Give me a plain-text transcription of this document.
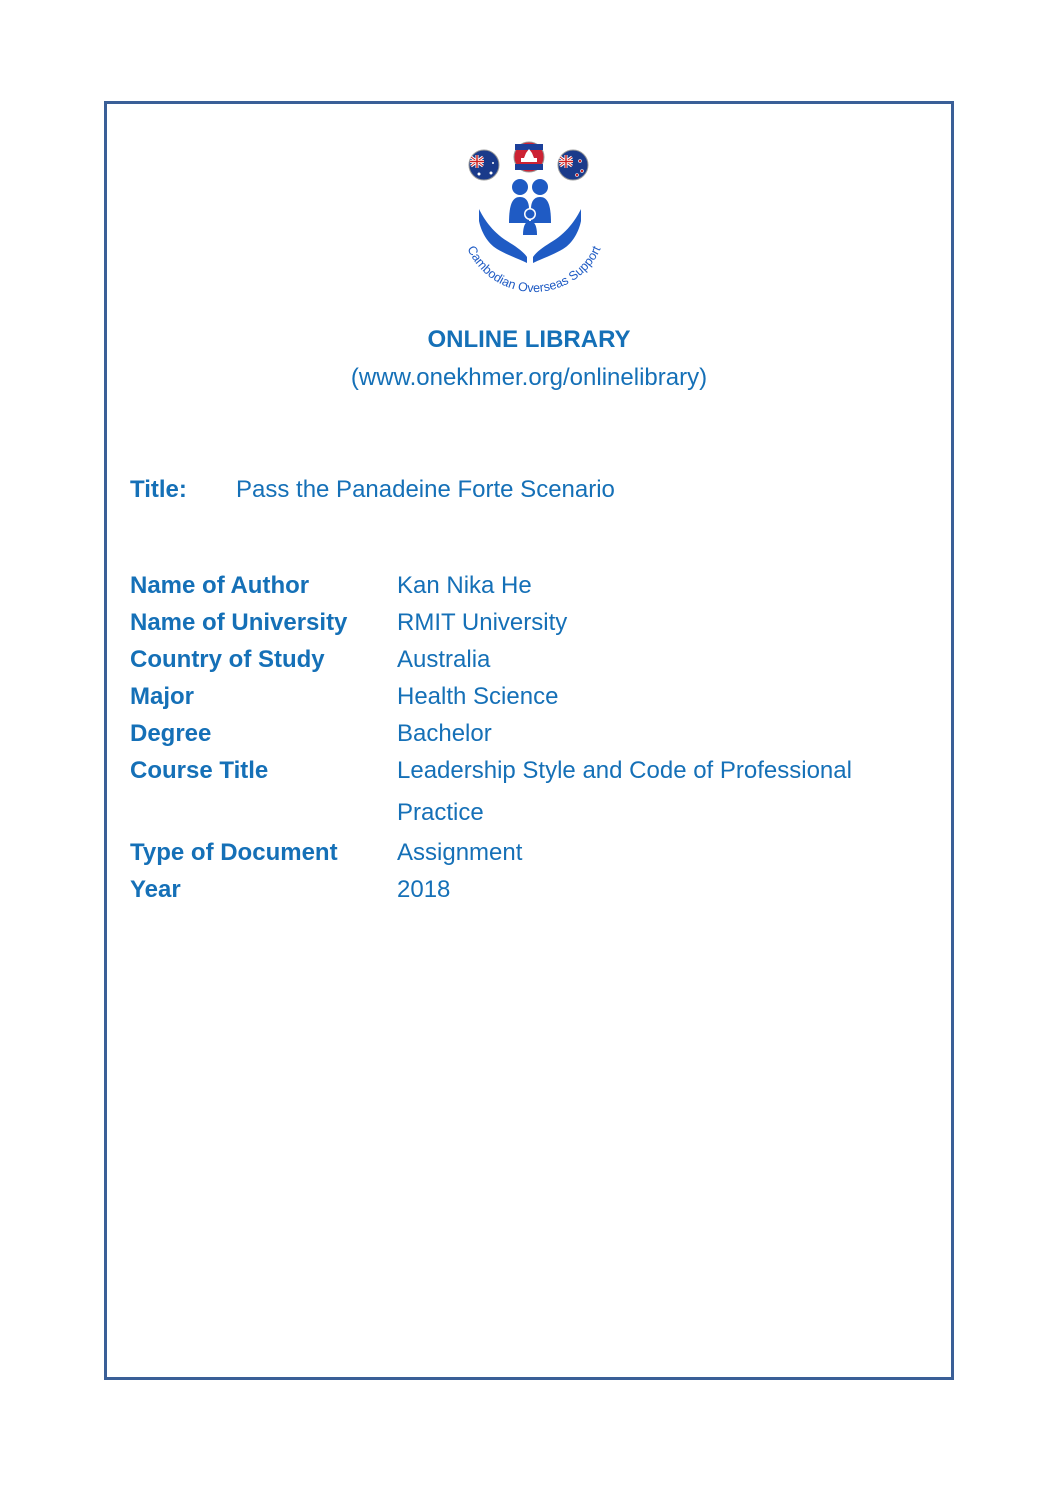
Cambodian Overseas Support
ONLINE LIBRARY
(www.onekhmer.org/onlinelibrary)
Title: Pass the Panadeine Forte Scenario
Name of Author	Kan Nika He
Name of University	RMIT University
Country of Study	Australia
Major	Health Science
Degree	Bachelor
Course Title	Leadership Style and Code of Professional Practice
Type of Document	Assignment
Year	2018
